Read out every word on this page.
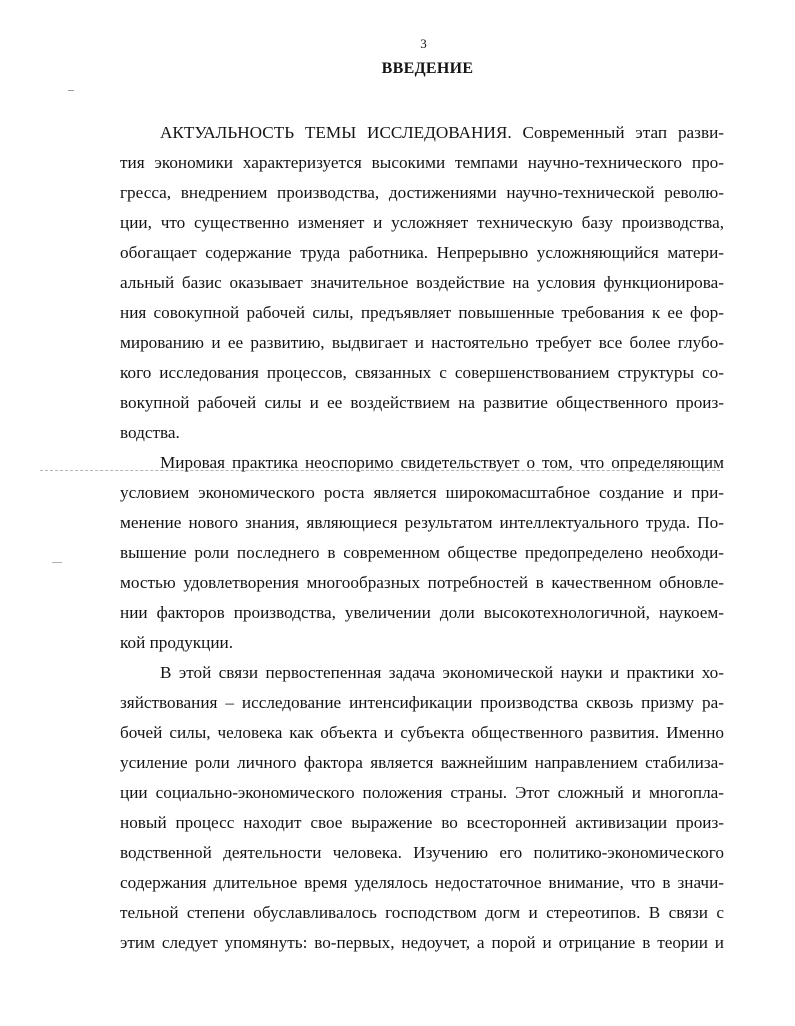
3
ВВЕДЕНИЕ
АКТУАЛЬНОСТЬ ТЕМЫ ИССЛЕДОВАНИЯ. Современный этап разви-
тия экономики характеризуется высокими темпами научно-технического про-
гресса, внедрением производства, достижениями научно-технической револю-
ции, что существенно изменяет и усложняет техническую базу производства,
обогащает содержание труда работника. Непрерывно усложняющийся матери-
альный базис оказывает значительное воздействие на условия функционирова-
ния совокупной рабочей силы, предъявляет повышенные требования к ее фор-
мированию и ее развитию, выдвигает и настоятельно требует все более глубо-
кого исследования процессов, связанных с совершенствованием структуры со-
вокупной рабочей силы и ее воздействием на развитие общественного произ-
водства.
Мировая практика неоспоримо свидетельствует о том, что определяющим
условием экономического роста является широкомасштабное создание и при-
менение нового знания, являющиеся результатом интеллектуального труда. По-
вышение роли последнего в современном обществе предопределено необходи-
мостью удовлетворения многообразных потребностей в качественном обновле-
нии факторов производства, увеличении доли высокотехнологичной, наукоем-
кой продукции.
В этой связи первостепенная задача экономической науки и практики хо-
зяйствования – исследование интенсификации производства сквозь призму ра-
бочей силы, человека как объекта и субъекта общественного развития. Именно
усиление роли личного фактора является важнейшим направлением стабилиза-
ции социально-экономического положения страны. Этот сложный и многопла-
новый процесс находит свое выражение во всесторонней активизации произ-
водственной деятельности человека. Изучению его политико-экономического
содержания длительное время уделялось недостаточное внимание, что в значи-
тельной степени обуславливалось господством догм и стереотипов. В связи с
этим следует упомянуть: во-первых, недоучет, а порой и отрицание в теории и
